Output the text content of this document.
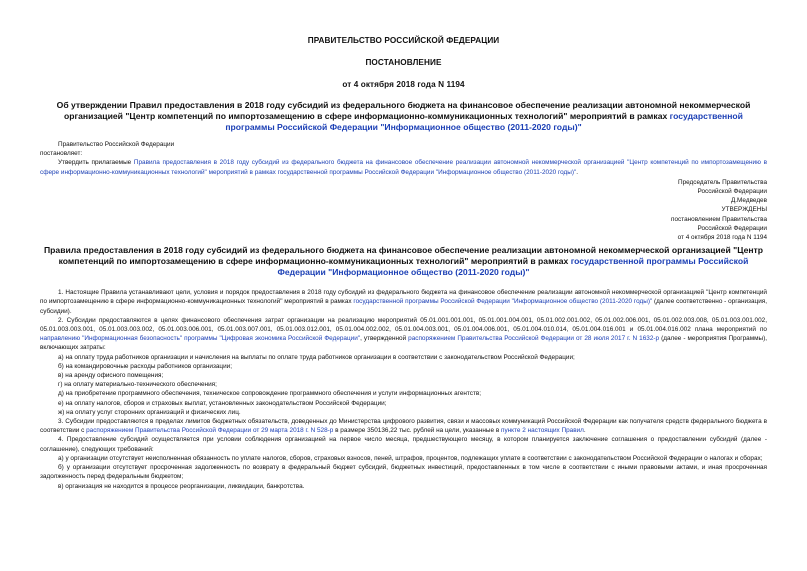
ПРАВИТЕЛЬСТВО РОССИЙСКОЙ ФЕДЕРАЦИИ
ПОСТАНОВЛЕНИЕ
от 4 октября 2018 года N 1194

Об утверждении Правил предоставления в 2018 году субсидий из федерального бюджета на финансовое обеспечение реализации автономной некоммерческой организацией "Центр компетенций по импортозамещению в сфере информационно-коммуникационных технологий" мероприятий в рамках государственной программы Российской Федерации "Информационное общество (2011-2020 годы)"

Правительство Российской Федерации

постановляет:

Утвердить прилагаемые Правила предоставления в 2018 году субсидий из федерального бюджета на финансовое обеспечение реализации автономной некоммерческой организацией "Центр компетенций по импортозамещению в сфере информационно-коммуникационных технологий" мероприятий в рамках государственной программы Российской Федерации "Информационное общество (2011-2020 годы)".

Председатель Правительства

Российской Федерации

Д.Медведев

УТВЕРЖДЕНЫ

постановлением Правительства

Российской Федерации

от 4 октября 2018 года N 1194

Правила предоставления в 2018 году субсидий из федерального бюджета на финансовое обеспечение реализации автономной некоммерческой организацией "Центр компетенций по импортозамещению в сфере информационно-коммуникационных технологий" мероприятий в рамках государственной программы Российской Федерации "Информационное общество (2011-2020 годы)"

1. Настоящие Правила устанавливают цели, условия и порядок предоставления в 2018 году субсидий из федерального бюджета на финансовое обеспечение реализации автономной некоммерческой организацией "Центр компетенций по импортозамещению в сфере информационно-коммуникационных технологий" мероприятий в рамках государственной программы Российской Федерации "Информационное общество (2011-2020 годы)" (далее соответственно - организация, субсидии).

2. Субсидии предоставляются в целях финансового обеспечения затрат организации на реализацию мероприятий 05.01.001.001.001, 05.01.001.004.001, 05.01.002.001.002, 05.01.002.006.001, 05.01.002.003.008, 05.01.003.001.002, 05.01.003.003.001, 05.01.003.003.002, 05.01.003.006.001, 05.01.003.007.001, 05.01.003.012.001, 05.01.004.002.002, 05.01.004.003.001, 05.01.004.006.001, 05.01.004.010.014, 05.01.004.016.001 и 05.01.004.016.002 плана мероприятий по направлению "Информационная безопасность" программы "Цифровая экономика Российской Федерации", утвержденной распоряжением Правительства Российской Федерации от 28 июля 2017 г. N 1632-р (далее - мероприятия Программы), включающих затраты:

а) на оплату труда работников организации и начисления на выплаты по оплате труда работников организации в соответствии с законодательством Российской Федерации;

б) на командировочные расходы работников организации;

в) на аренду офисного помещения;

г) на оплату материально-технического обеспечения;

д) на приобретение программного обеспечения, техническое сопровождение программного обеспечения и услуги информационных агентств;

е) на оплату налогов, сборов и страховых выплат, установленных законодательством Российской Федерации;

ж) на оплату услуг сторонних организаций и физических лиц.

3. Субсидии предоставляются в пределах лимитов бюджетных обязательств, доведенных до Министерства цифрового развития, связи и массовых коммуникаций Российской Федерации как получателя средств федерального бюджета в соответствии с распоряжением Правительства Российской Федерации от 29 марта 2018 г. N 528-р в размере 350136,22 тыс. рублей на цели, указанные в пункте 2 настоящих Правил.

4. Предоставление субсидий осуществляется при условии соблюдения организацией на первое число месяца, предшествующего месяцу, в котором планируется заключение соглашения о предоставлении субсидий (далее - соглашение), следующих требований:

а) у организации отсутствует неисполненная обязанность по уплате налогов, сборов, страховых взносов, пеней, штрафов, процентов, подлежащих уплате в соответствии с законодательством Российской Федерации о налогах и сборах;

б) у организации отсутствует просроченная задолженность по возврату в федеральный бюджет субсидий, бюджетных инвестиций, предоставленных в том числе в соответствии с иными правовыми актами, и иная просроченная задолженность перед федеральным бюджетом;

в) организация не находится в процессе реорганизации, ликвидации, банкротства.
